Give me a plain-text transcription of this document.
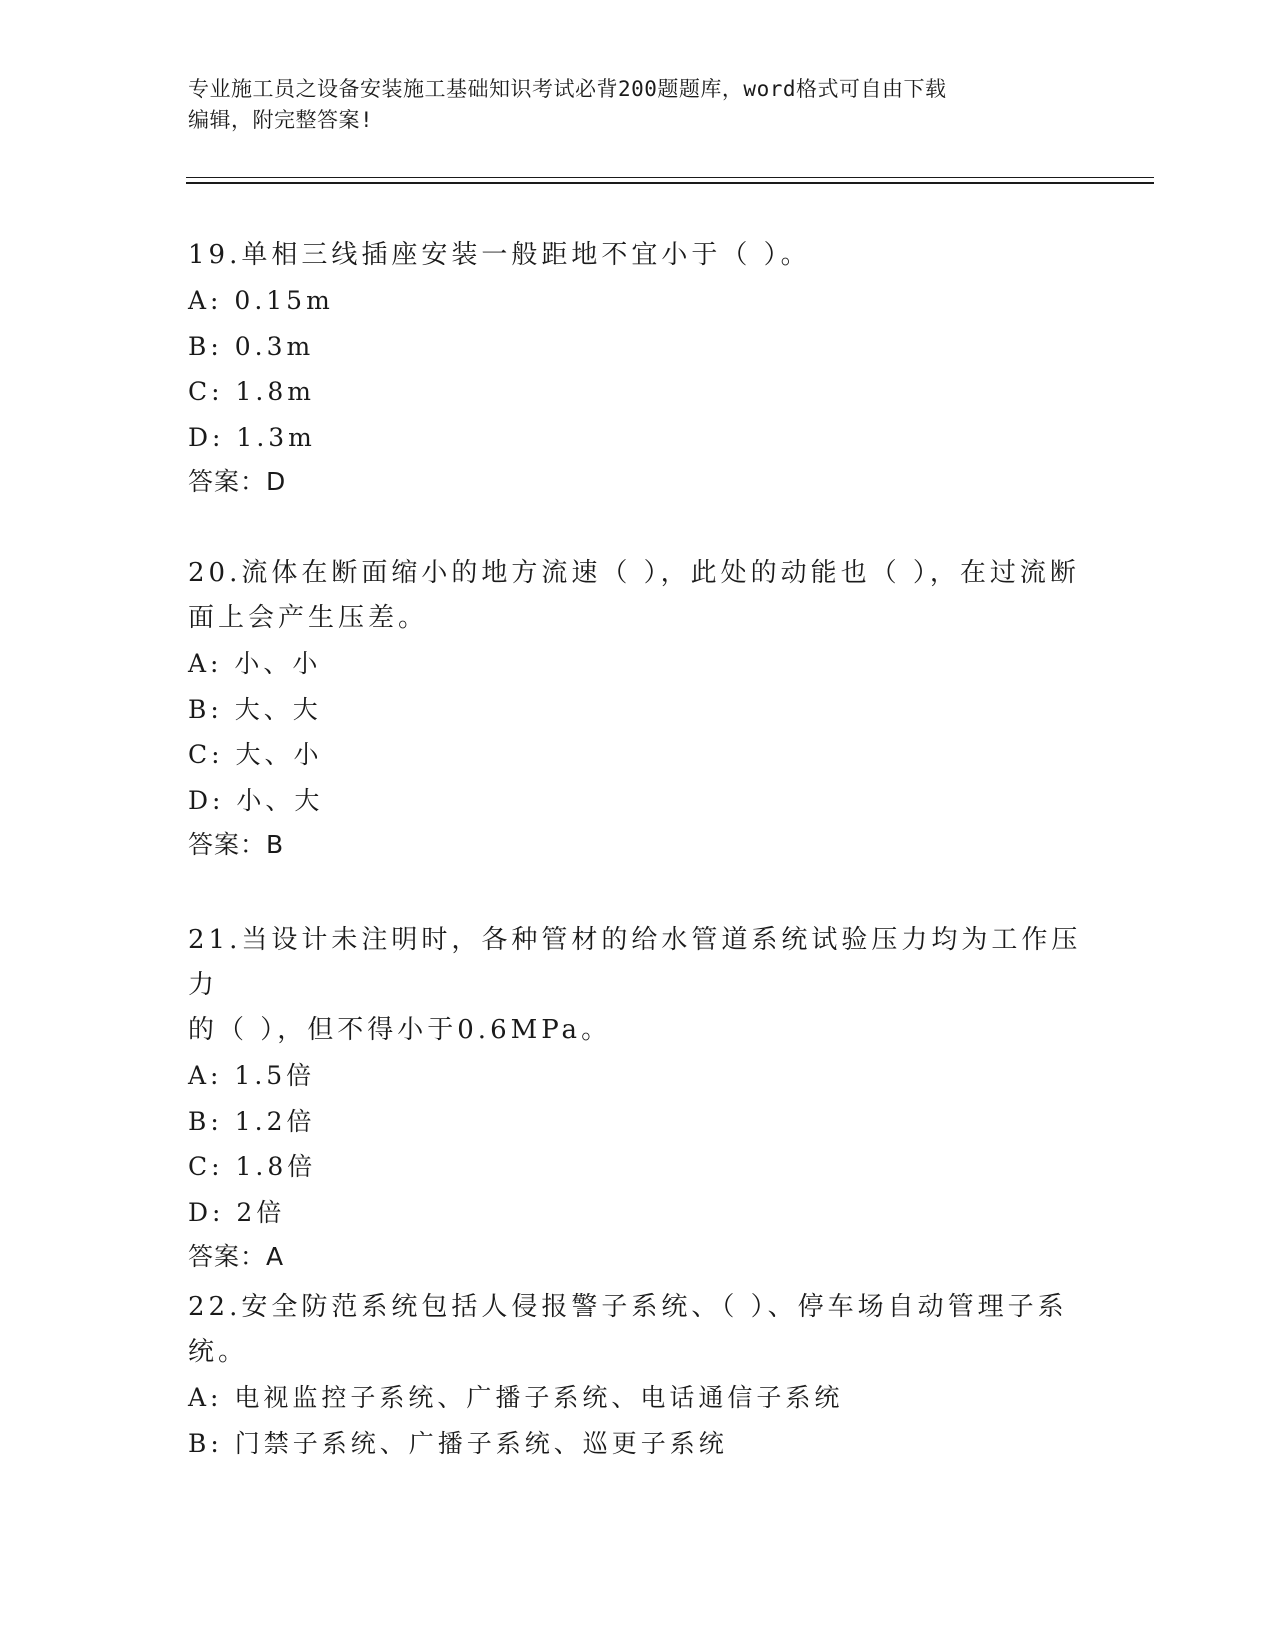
专业施工员之设备安装施工基础知识考试必背200题题库，word格式可自由下载
编辑，附完整答案!
19.单相三线插座安装一般距地不宜小于（ ）。
A: 0.15m
B: 0.3m
C: 1.8m
D: 1.3m
答案：D
20.流体在断面缩小的地方流速（ ），此处的动能也（ ），在过流断
面上会产生压差。
A: 小、小
B: 大、大
C: 大、小
D: 小、大
答案：B
21.当设计未注明时，各种管材的给水管道系统试验压力均为工作压力
的（ ），但不得小于0.6MPa。
A: 1.5倍
B: 1.2倍
C: 1.8倍
D: 2倍
答案：A
22.安全防范系统包括人侵报警子系统、（ ）、停车场自动管理子系
统。
A: 电视监控子系统、广播子系统、电话通信子系统
B: 门禁子系统、广播子系统、巡更子系统
